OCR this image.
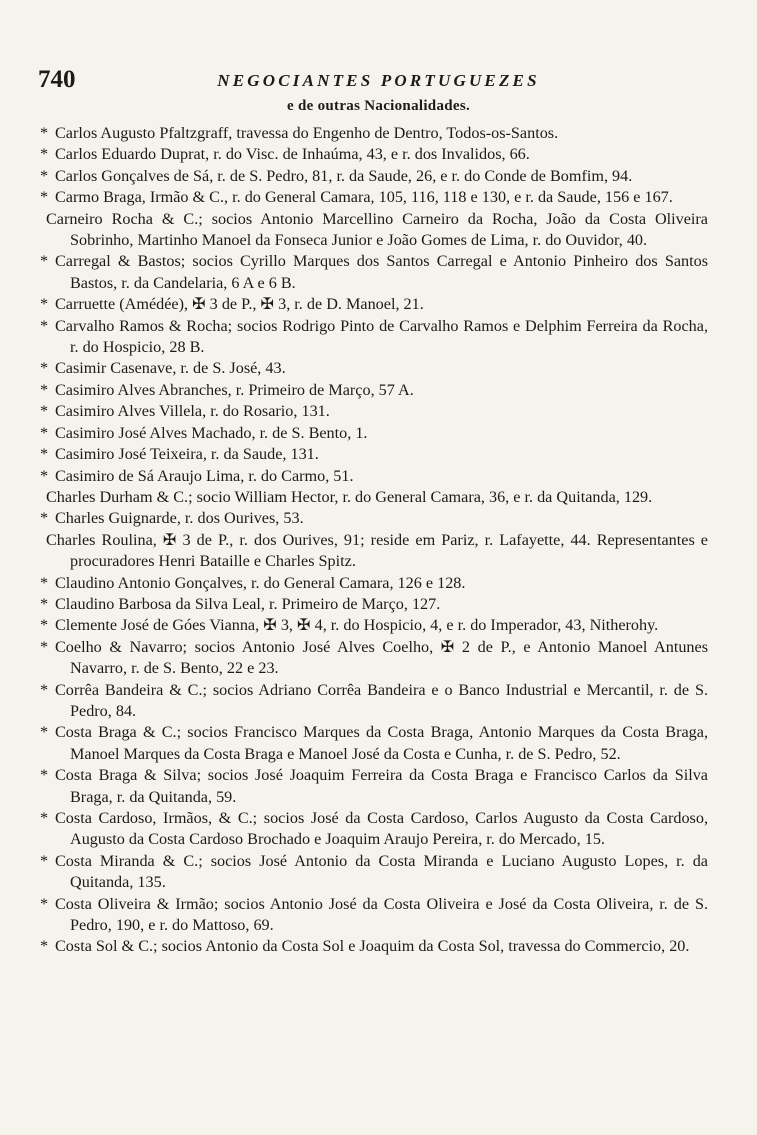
740	NEGOCIANTES PORTUGUEZES
e de outras Nacionalidades.

* Carlos Augusto Pfaltzgraff, travessa do Engenho de Dentro, Todos-os-Santos.

* Carlos Eduardo Duprat, r. do Visc. de Inhaúma, 43, e r. dos Invalidos, 66.

* Carlos Gonçalves de Sá, r. de S. Pedro, 81, r. da Saude, 26, e r. do Conde de Bomfim, 94.

* Carmo Braga, Irmão & C., r. do General Camara, 105, 116, 118 e 130, e r. da Saude, 156 e 167.

Carneiro Rocha & C.; socios Antonio Marcellino Carneiro da Rocha, João da Costa Oliveira Sobrinho, Martinho Manoel da Fonseca Junior e João Gomes de Lima, r. do Ouvidor, 40.

* Carregal & Bastos; socios Cyrillo Marques dos Santos Carregal e Antonio Pinheiro dos Santos Bastos, r. da Candelaria, 6 A e 6 B.

* Carruette (Amédée), ✠ 3 de P., ✠ 3, r. de D. Manoel, 21.

* Carvalho Ramos & Rocha; socios Rodrigo Pinto de Carvalho Ramos e Delphim Ferreira da Rocha, r. do Hospicio, 28 B.

* Casimir Casenave, r. de S. José, 43.

* Casimiro Alves Abranches, r. Primeiro de Março, 57 A.

* Casimiro Alves Villela, r. do Rosario, 131.

* Casimiro José Alves Machado, r. de S. Bento, 1.

* Casimiro José Teixeira, r. da Saude, 131.

* Casimiro de Sá Araujo Lima, r. do Carmo, 51.

Charles Durham & C.; socio William Hector, r. do General Camara, 36, e r. da Quitanda, 129.

* Charles Guignarde, r. dos Ourives, 53.

Charles Roulina, ✠ 3 de P., r. dos Ourives, 91; reside em Pariz, r. Lafayette, 44. Representantes e procuradores Henri Bataille e Charles Spitz.

* Claudino Antonio Gonçalves, r. do General Camara, 126 e 128.

* Claudino Barbosa da Silva Leal, r. Primeiro de Março, 127.

* Clemente José de Góes Vianna, ✠ 3, ✠ 4, r. do Hospicio, 4, e r. do Imperador, 43, Nitherohy.

* Coelho & Navarro; socios Antonio José Alves Coelho, ✠ 2 de P., e Antonio Manoel Antunes Navarro, r. de S. Bento, 22 e 23.

* Corrêa Bandeira & C.; socios Adriano Corrêa Bandeira e o Banco Industrial e Mercantil, r. de S. Pedro, 84.

* Costa Braga & C.; socios Francisco Marques da Costa Braga, Antonio Marques da Costa Braga, Manoel Marques da Costa Braga e Manoel José da Costa e Cunha, r. de S. Pedro, 52.

* Costa Braga & Silva; socios José Joaquim Ferreira da Costa Braga e Francisco Carlos da Silva Braga, r. da Quitanda, 59.

* Costa Cardoso, Irmãos, & C.; socios José da Costa Cardoso, Carlos Augusto da Costa Cardoso, Augusto da Costa Cardoso Brochado e Joaquim Araujo Pereira, r. do Mercado, 15.

* Costa Miranda & C.; socios José Antonio da Costa Miranda e Luciano Augusto Lopes, r. da Quitanda, 135.

* Costa Oliveira & Irmão; socios Antonio José da Costa Oliveira e José da Costa Oliveira, r. de S. Pedro, 190, e r. do Mattoso, 69.

* Costa Sol & C.; socios Antonio da Costa Sol e Joaquim da Costa Sol, travessa do Commercio, 20.
